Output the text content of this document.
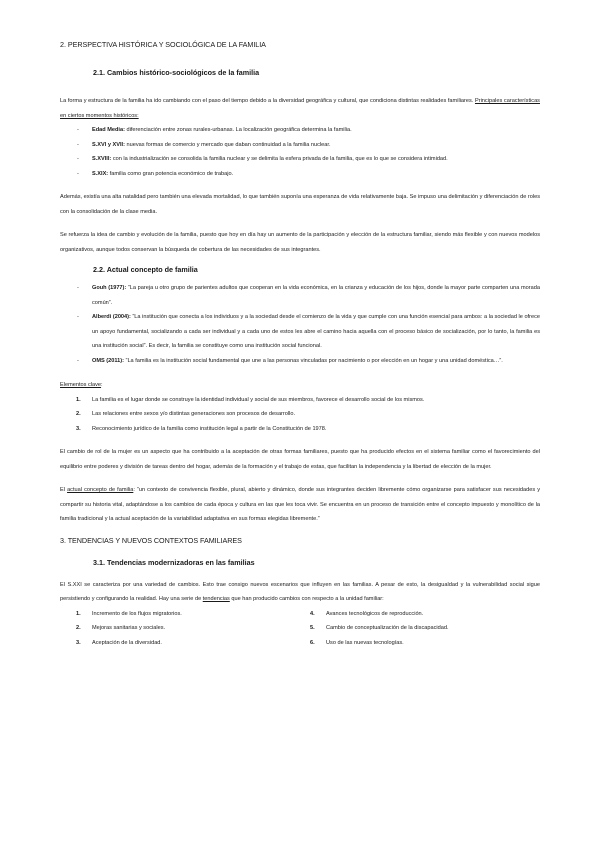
2. PERSPECTIVA HISTÓRICA Y SOCIOLÓGICA DE LA FAMILIA
2.1. Cambios histórico-sociológicos de la familia

La forma y estructura de la familia ha ido cambiando con el paso del tiempo debido a la diversidad geográfica y cultural, que condiciona distintas realidades familiares. Principales características en ciertos momentos históricos:

- Edad Media: diferenciación entre zonas rurales-urbanas. La localización geográfica determina la familia.
- S.XVI y XVII: nuevas formas de comercio y mercado que daban continuidad a la familia nuclear.
- S.XVIII: con la industrialización se consolida la familia nuclear y se delimita la esfera privada de la familia, que es lo que se considera intimidad.
- S.XIX: familia como gran potencia económico de trabajo.

Además, existía una alta natalidad pero también una elevada mortalidad, lo que también suponía una esperanza de vida relativamente baja. Se impuso una delimitación y diferenciación de roles con la consolidación de la clase media.

Se refuerza la idea de cambio y evolución de la familia, puesto que hoy en día hay un aumento de la participación y elección de la estructura familiar, siendo más flexible y con nuevos modelos organizativos, aunque todos conservan la búsqueda de cobertura de las necesidades de sus integrantes.

2.2. Actual concepto de familia
- Gouh (1977): “La pareja u otro grupo de parientes adultos que cooperan en la vida económica, en la crianza y educación de los hijos, donde la mayor parte comparten una morada común”.
- Alberdi (2004): “La institución que conecta a los individuos y a la sociedad desde el comienzo de la vida y que cumple con una función esencial para ambos: a la sociedad le ofrece un apoyo fundamental, socializando a cada ser individual y a cada uno de estos les abre el camino hacia aquella con el proceso básico de socialización, por lo tanto, la familia es una institución social”. Es decir, la familia se constituye como una institución social funcional.
- OMS (2011): “La familia es la institución social fundamental que une a las personas vinculadas por nacimiento o por elección en un hogar y una unidad doméstica…”.

Elementos clave:

1. La familia es el lugar donde se construye la identidad individual y social de sus miembros, favorece el desarrollo social de los mismos.
2. Las relaciones entre sexos y/o distintas generaciones son procesos de desarrollo.
3. Reconocimiento jurídico de la familia como institución legal a partir de la Constitución de 1978.

El cambio de rol de la mujer es un aspecto que ha contribuido a la aceptación de otras formas familiares, puesto que ha producido efectos en el sistema familiar como el favorecimiento del equilibrio entre poderes y división de tareas dentro del hogar, además de la formación y el trabajo de estas, que facilitan la independencia y la libertad de elección de la mujer.

El actual concepto de familia: “un contexto de convivencia flexible, plural, abierto y dinámico, donde sus integrantes deciden libremente cómo organizarse para satisfacer sus necesidades y compartir su historia vital, adaptándose a los cambios de cada época y cultura en las que les toca vivir. Se encuentra en un proceso de transición entre el concepto impuesto y monolítico de la familia tradicional y la actual aceptación de la variabilidad adaptativa en sus formas elegidas libremente.”

3. TENDENCIAS Y NUEVOS CONTEXTOS FAMILIARES
3.1. Tendencias modernizadoras en las familias

El S.XXI se caracteriza por una variedad de cambios. Esto trae consigo nuevos escenarios que influyen en las familias. A pesar de esto, la desigualdad y la vulnerabilidad social sigue persistiendo y configurando la realidad. Hay una serie de tendencias que han producido cambios con respecto a la unidad familiar:

1. Incremento de los flujos migratorios.
2. Mejoras sanitarias y sociales.
3. Aceptación de la diversidad.
4. Avances tecnológicos de reproducción.
5. Cambio de conceptualización de la discapacidad.
6. Uso de las nuevas tecnologías.
